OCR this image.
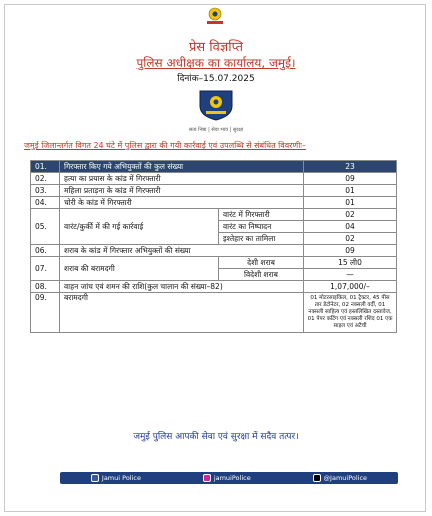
प्रेस विज्ञप्ति
पुलिस अधीक्षक का कार्यालय, जमुई।
दिनांक–15.07.2025
सत्य निष्ठा | सेवा भाव | सुरक्षा
जमुई जिलान्तर्गत विगत 24 घंटे में पुलिस द्वारा की गयी कार्रवाई एवं उपलब्धि से संबंधित विवरणीः–
01.	गिरफ्तार किए गये अभियुक्तों की कुल संख्या		23
02.	हत्या का प्रयास के कांड में गिरफ्तारी		09
03.	महिला प्रताड़ना के कांड में गिरफ्तारी		01
04.	चोरी के कांड में गिरफ्तारी		01
05.	वारंट/कुर्की में की गई कार्रवाई	वारंट में गिरफ्तारी	02
		वारंट का निष्पादन	04
		इश्तेहार का तामिला	02
06.	शराब के कांड में गिरफ्तार अभियुक्तों की संख्या		09
07.	शराब की बरामदगी	देशी शराब	15 ली0
		विदेशी शराब	—
08.	वाहन जांच एवं शमन की राशि(कुल चालान की संख्या–82)		1,07,000/–
09.	बरामदगी		01 मोटरसाइकिल, 01 ट्रैक्टर, 45 पीस तार डेटोनेटर, 02 नक्सली वर्दी, 01 नक्सली साहित्य एवं हस्तलिखित दस्तावेज, 01 पेपर कटिंग एवं नक्सली रशिद 01 एक साइल एवं अटैची
जमुई पुलिस आपकी सेवा एवं सुरक्षा में सदैव तत्पर।
Jamui Police	jamuiPolice	@JamuiPolice
